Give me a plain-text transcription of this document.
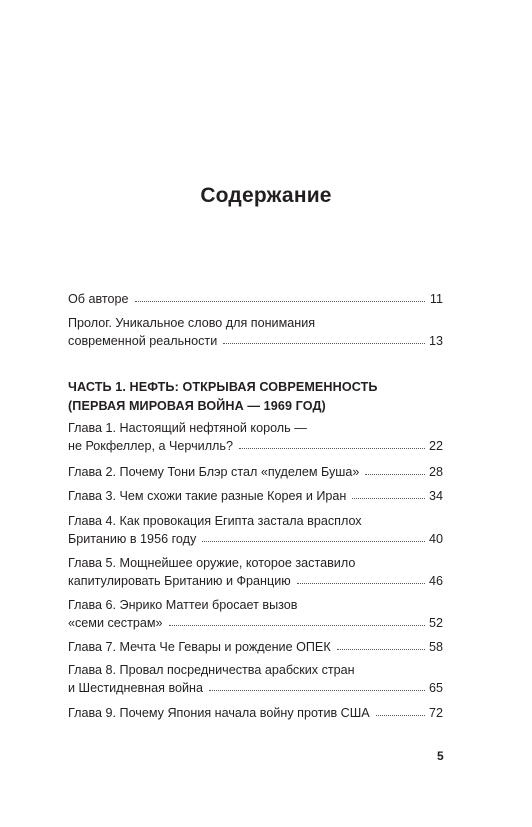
Содержание
Об авторе	11
Пролог. Уникальное слово для понимания
современной реальности	13
ЧАСТЬ 1. НЕФТЬ: ОТКРЫВАЯ СОВРЕМЕННОСТЬ
(ПЕРВАЯ МИРОВАЯ ВОЙНА — 1969 ГОД)
Глава 1. Настоящий нефтяной король —
не Рокфеллер, а Черчилль?	22
Глава 2. Почему Тони Блэр стал «пуделем Буша»	28
Глава 3. Чем схожи такие разные Корея и Иран	34
Глава 4. Как провокация Египта застала врасплох
Британию в 1956 году	40
Глава 5. Мощнейшее оружие, которое заставило
капитулировать Британию и Францию	46
Глава 6. Энрико Маттеи бросает вызов
«семи сестрам»	52
Глава 7. Мечта Че Гевары и рождение ОПЕК	58
Глава 8. Провал посредничества арабских стран
и Шестидневная война	65
Глава 9. Почему Япония начала войну против США	72
5
